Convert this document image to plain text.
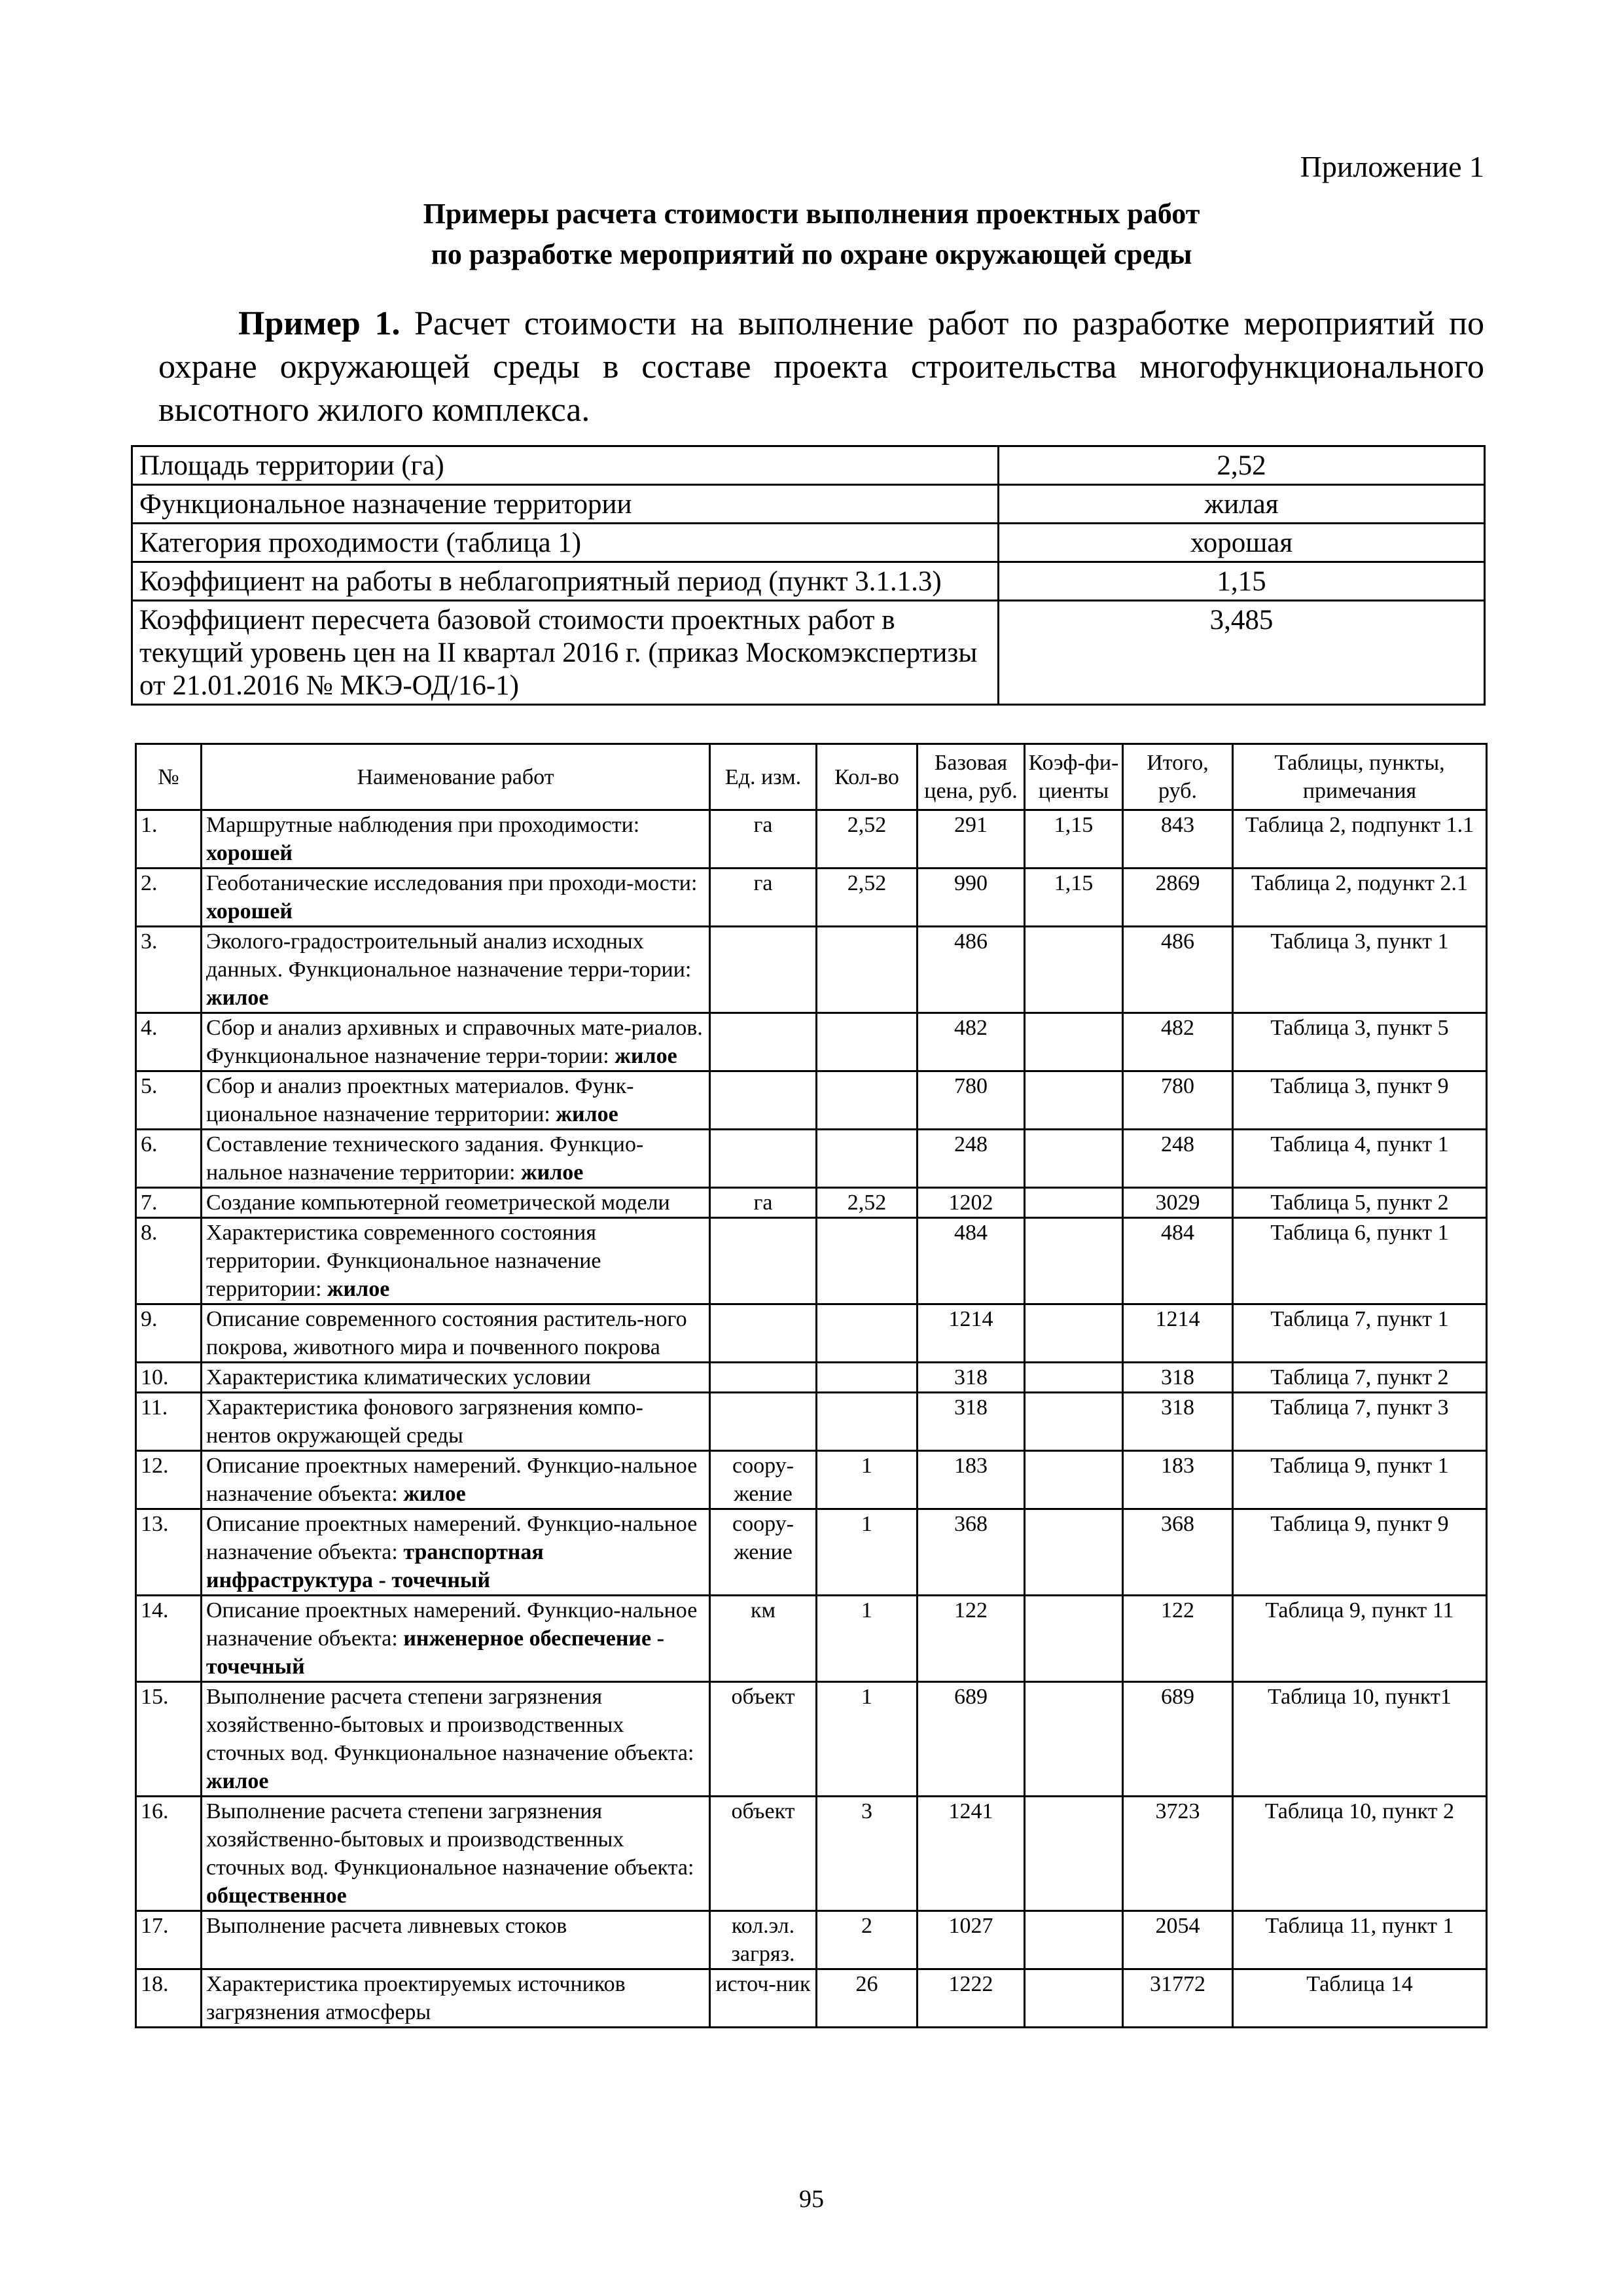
Приложение 1
Примеры расчета стоимости выполнения проектных работ
по разработке мероприятий по охране окружающей среды
Пример 1. Расчет стоимости на выполнение работ по разработке мероприятий по охране окружающей среды в составе проекта строительства многофункционального высотного жилого комплекса.
Площадь территории (га)	2,52
Функциональное назначение территории	жилая
Категория проходимости (таблица 1)	хорошая
Коэффициент на работы в неблагоприятный период (пункт 3.1.1.3)	1,15
Коэффициент пересчета базовой стоимости проектных работ в текущий уровень цен на II квартал 2016 г. (приказ Москомэкспертизы от 21.01.2016 № МКЭ-ОД/16-1)	3,485
№	Наименование работ	Ед. изм.	Кол-во	Базовая цена, руб.	Коэф-фи-циенты	Итого, руб.	Таблицы, пункты, примечания
1.	Маршрутные наблюдения при проходимости: хорошей	га	2,52	291	1,15	843	Таблица 2, подпункт 1.1
2.	Геоботанические исследования при проходи-мости: хорошей	га	2,52	990	1,15	2869	Таблица 2, подункт 2.1
3.	Эколого-градостроительный анализ исходных данных. Функциональное назначение терри-тории: жилое			486		486	Таблица 3, пункт 1
4.	Сбор и анализ архивных и справочных мате-риалов. Функциональное назначение терри-тории: жилое			482		482	Таблица 3, пункт 5
5.	Сбор и анализ проектных материалов. Функ-циональное назначение территории: жилое			780		780	Таблица 3, пункт 9
6.	Составление технического задания. Функцио-нальное назначение территории: жилое			248		248	Таблица 4, пункт 1
7.	Создание компьютерной геометрической модели	га	2,52	1202		3029	Таблица 5, пункт 2
8.	Характеристика современного состояния территории. Функциональное назначение территории: жилое			484		484	Таблица 6, пункт 1
9.	Описание современного состояния раститель-ного покрова, животного мира и почвенного покрова			1214		1214	Таблица 7, пункт 1
10.	Характеристика климатических условии			318		318	Таблица 7, пункт 2
11.	Характеристика фонового загрязнения компо-нентов окружающей среды			318		318	Таблица 7, пункт 3
12.	Описание проектных намерений. Функцио-нальное назначение объекта: жилое	соору-жение	1	183		183	Таблица 9, пункт 1
13.	Описание проектных намерений. Функцио-нальное назначение объекта: транспортная инфраструктура - точечный	соору-жение	1	368		368	Таблица 9, пункт 9
14.	Описание проектных намерений. Функцио-нальное назначение объекта: инженерное обеспечение - точечный	км	1	122		122	Таблица 9, пункт 11
15.	Выполнение расчета степени загрязнения хозяйственно-бытовых и производственных сточных вод. Функциональное назначение объекта: жилое	объект	1	689		689	Таблица 10, пункт1
16.	Выполнение расчета степени загрязнения хозяйственно-бытовых и производственных сточных вод. Функциональное назначение объекта: общественное	объект	3	1241		3723	Таблица 10, пункт 2
17.	Выполнение расчета ливневых стоков	кол.эл. загряз.	2	1027		2054	Таблица 11, пункт 1
18.	Характеристика проектируемых источников загрязнения атмосферы	источ-ник	26	1222		31772	Таблица 14
95
